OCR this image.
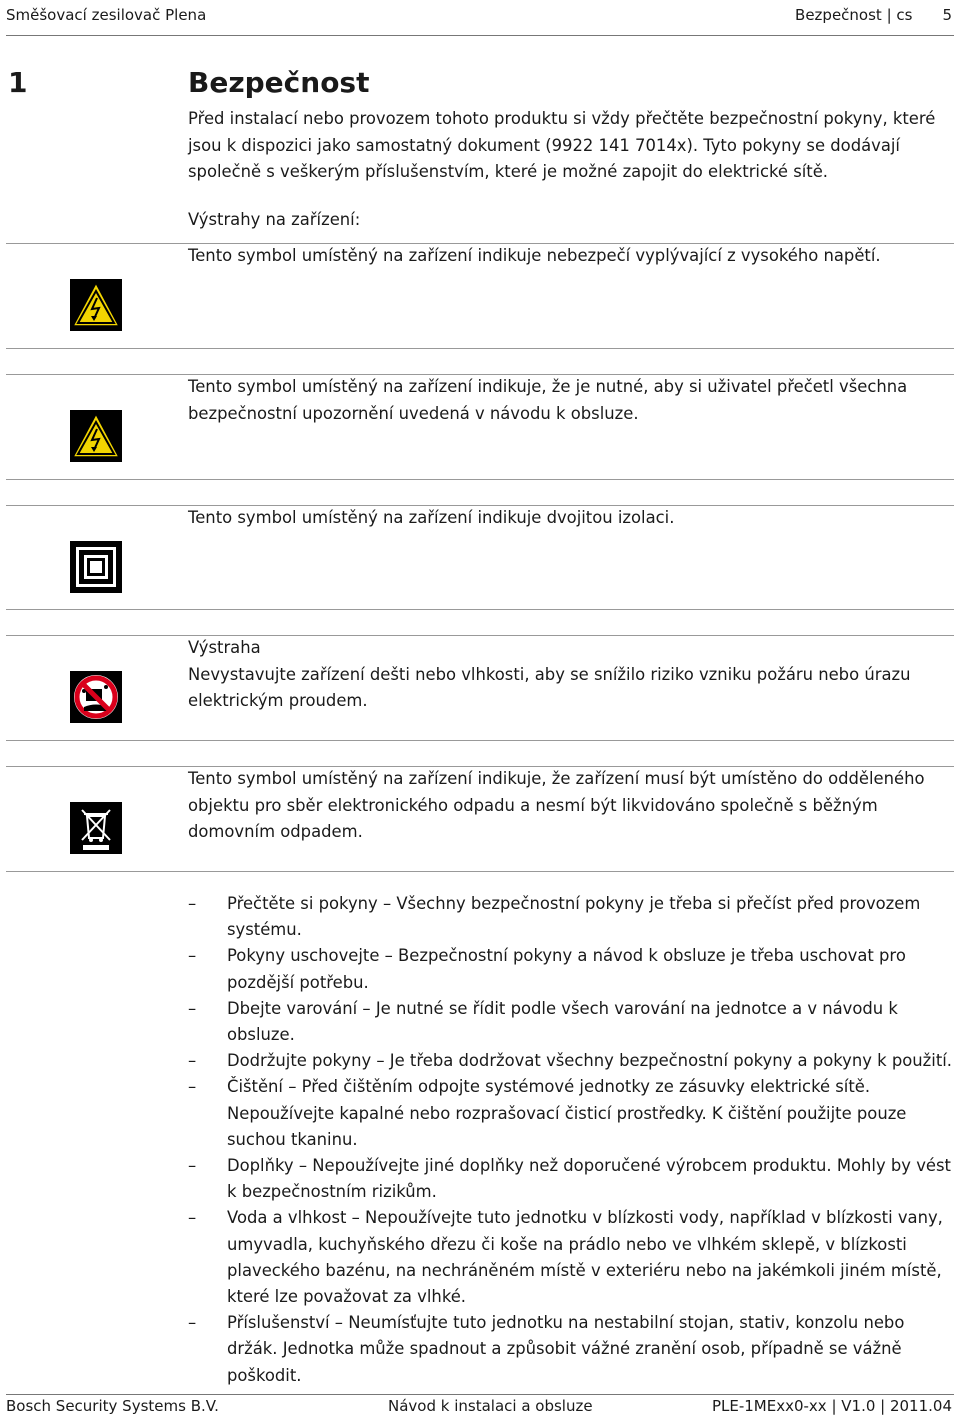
Směšovací zesilovač Plena	Bezpečnost | cs 5
1	Bezpečnost
Před instalací nebo provozem tohoto produktu si vždy přečtěte bezpečnostní pokyny, které jsou k dispozici jako samostatný dokument (9922 141 7014x). Tyto pokyny se dodávají společně s veškerým příslušenstvím, které je možné zapojit do elektrické sítě.
Výstrahy na zařízení:
Tento symbol umístěný na zařízení indikuje nebezpečí vyplývající z vysokého napětí.
Tento symbol umístěný na zařízení indikuje, že je nutné, aby si uživatel přečetl všechna bezpečnostní upozornění uvedená v návodu k obsluze.
Tento symbol umístěný na zařízení indikuje dvojitou izolaci.
Výstraha
Nevystavujte zařízení dešti nebo vlhkosti, aby se snížilo riziko vzniku požáru nebo úrazu elektrickým proudem.
Tento symbol umístěný na zařízení indikuje, že zařízení musí být umístěno do odděleného objektu pro sběr elektronického odpadu a nesmí být likvidováno společně s běžným domovním odpadem.
– Přečtěte si pokyny – Všechny bezpečnostní pokyny je třeba si přečíst před provozem systému.
– Pokyny uschovejte – Bezpečnostní pokyny a návod k obsluze je třeba uschovat pro pozdější potřebu.
– Dbejte varování – Je nutné se řídit podle všech varování na jednotce a v návodu k obsluze.
– Dodržujte pokyny – Je třeba dodržovat všechny bezpečnostní pokyny a pokyny k použití.
– Čištění – Před čištěním odpojte systémové jednotky ze zásuvky elektrické sítě. Nepoužívejte kapalné nebo rozprašovací čisticí prostředky. K čištění použijte pouze suchou tkaninu.
– Doplňky – Nepoužívejte jiné doplňky než doporučené výrobcem produktu. Mohly by vést k bezpečnostním rizikům.
– Voda a vlhkost – Nepoužívejte tuto jednotku v blízkosti vody, například v blízkosti vany, umyvadla, kuchyňského dřezu či koše na prádlo nebo ve vlhkém sklepě, v blízkosti plaveckého bazénu, na nechráněném místě v exteriéru nebo na jakémkoli jiném místě, které lze považovat za vlhké.
– Příslušenství – Neumísťujte tuto jednotku na nestabilní stojan, stativ, konzolu nebo držák. Jednotka může spadnout a způsobit vážné zranění osob, případně se vážně poškodit.
Bosch Security Systems B.V.	Návod k instalaci a obsluze	PLE-1MExx0-xx | V1.0 | 2011.04
